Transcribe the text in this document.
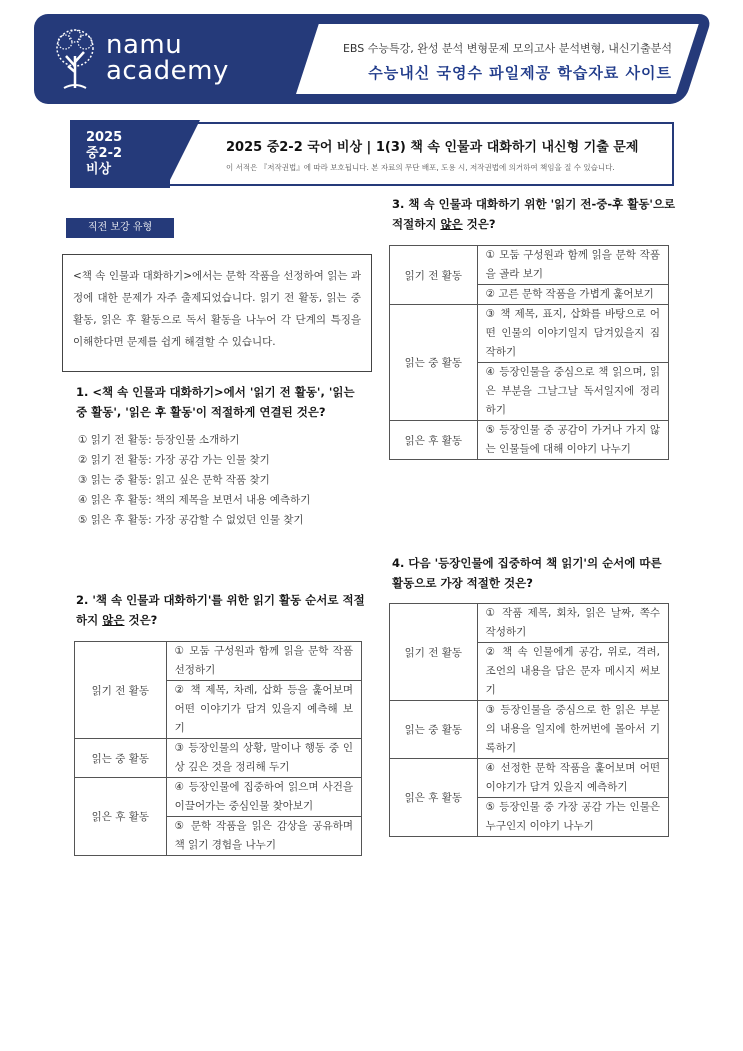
namu
academy
EBS 수능특강, 완성 분석 변형문제 모의고사 분석변형, 내신기출분석
수능내신 국영수 파일제공 학습자료 사이트
2025 중2-2 국어 비상 | 1(3) 책 속 인물과 대화하기 내신형 기출 문제
이 서적은 『저작권법』에 따라 보호됩니다. 본 자료의 무단 배포, 도용 시, 저작권법에 의거하여 책임을 질 수 있습니다.
2025
중2-2
비상
직전 보강 유형
<책 속 인물과 대화하기>에서는 문학 작품을 선정하여 읽는 과정에 대한 문제가 자주 출제되었습니다. 읽기 전 활동, 읽는 중 활동, 읽은 후 활동으로 독서 활동을 나누어 각 단계의 특징을 이해한다면 문제를 쉽게 해결할 수 있습니다.
1. <책 속 인물과 대화하기>에서 '읽기 전 활동', '읽는 중 활동', '읽은 후 활동'이 적절하게 연결된 것은?
① 읽기 전 활동: 등장인물 소개하기
② 읽기 전 활동: 가장 공감 가는 인물 찾기
③ 읽는 중 활동: 읽고 싶은 문학 작품 찾기
④ 읽은 후 활동: 책의 제목을 보면서 내용 예측하기
⑤ 읽은 후 활동: 가장 공감할 수 없었던 인물 찾기
2. '책 속 인물과 대화하기'를 위한 읽기 활동 순서로 적절하지 않은 것은?
읽기 전 활동	① 모둠 구성원과 함께 읽을 문학 작품 선정하기
	② 책 제목, 차례, 삽화 등을 훑어보며 어떤 이야기가 담겨 있을지 예측해 보기
읽는 중 활동	③ 등장인물의 상황, 말이나 행동 중 인상 깊은 것을 정리해 두기
읽은 후 활동	④ 등장인물에 집중하여 읽으며 사건을 이끌어가는 중심인물 찾아보기
	⑤ 문학 작품을 읽은 감상을 공유하며 책 읽기 경험을 나누기
3. 책 속 인물과 대화하기 위한 '읽기 전-중-후 활동'으로 적절하지 않은 것은?
읽기 전 활동	① 모둠 구성원과 함께 읽을 문학 작품을 골라 보기
	② 고른 문학 작품을 가볍게 훑어보기
읽는 중 활동	③ 책 제목, 표지, 삽화를 바탕으로 어떤 인물의 이야기일지 담겨있을지 짐작하기
	④ 등장인물을 중심으로 책 읽으며, 읽은 부분을 그날그날 독서일지에 정리하기
읽은 후 활동	⑤ 등장인물 중 공감이 가거나 가지 않는 인물들에 대해 이야기 나누기
4. 다음 '등장인물에 집중하여 책 읽기'의 순서에 따른 활동으로 가장 적절한 것은?
읽기 전 활동	① 작품 제목, 회차, 읽은 날짜, 쪽수 작성하기
	② 책 속 인물에게 공감, 위로, 격려, 조언의 내용을 담은 문자 메시지 써보기
읽는 중 활동	③ 등장인물을 중심으로 한 읽은 부분의 내용을 일지에 한꺼번에 몰아서 기록하기
읽은 후 활동	④ 선정한 문학 작품을 훑어보며 어떤 이야기가 담겨 있을지 예측하기
	⑤ 등장인물 중 가장 공감 가는 인물은 누구인지 이야기 나누기
